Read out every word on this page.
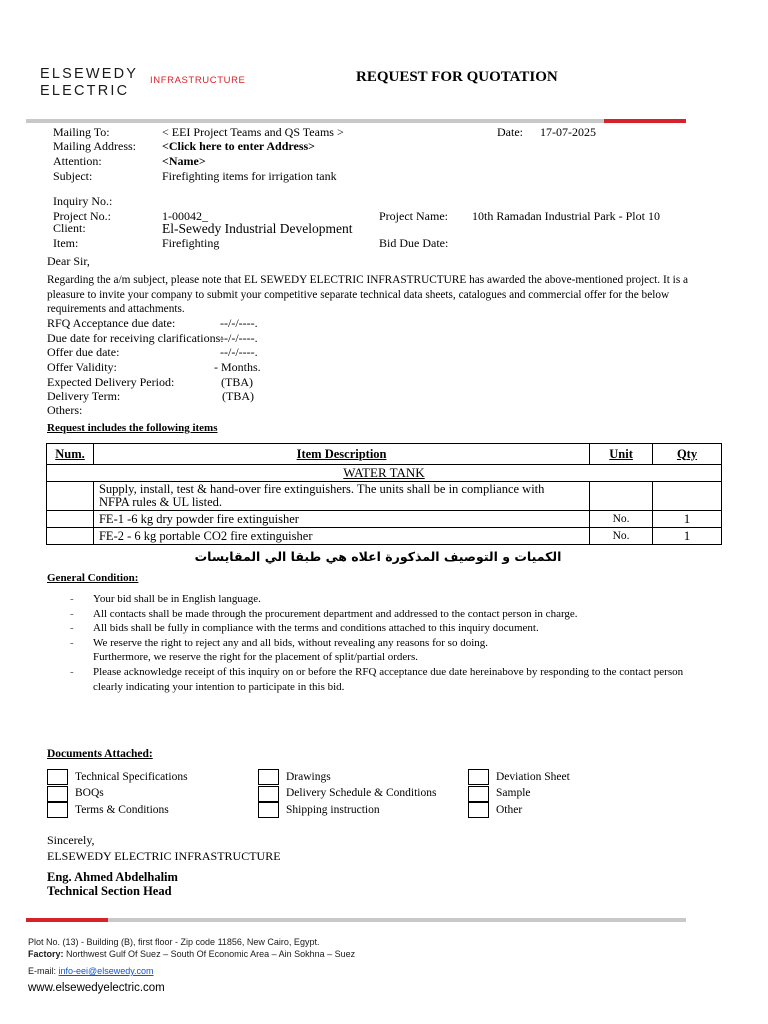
ELSEWEDY
ELECTRIC
INFRASTRUCTURE	REQUEST FOR QUOTATION
Mailing To:	< EEI Project Teams and QS Teams >	Date: 17-07-2025
Mailing Address: <Click here to enter Address>
Attention:	<Name>
Subject:	Firefighting items for irrigation tank
Inquiry No.:
Project No.:	1-00042_	Project Name: 10th Ramadan Industrial Park - Plot 10
Client:	El-Sewedy Industrial Development
Item:	Firefighting	Bid Due Date:
Dear Sir,
Regarding the a/m subject, please note that EL SEWEDY ELECTRIC INFRASTRUCTURE has awarded the above-mentioned project. It is a
pleasure to invite your company to submit your competitive separate technical data sheets, catalogues and commercial offer for the below
requirements and attachments.
RFQ Acceptance due date:	--/-/----.
Due date for receiving clarifications:
--/-/----.
Offer due date:	--/-/----.
Offer Validity:	- Months.
Expected Delivery Period:	(TBA)
Delivery Term:	(TBA)
Others:
Request includes the following items
Num.	Item Description	Unit	Qty
WATER TANK			

	Supply, install, test & hand-over fire extinguishers. The units shall be in compliance with
NFPA rules & UL listed.		

	FE-1 -6 kg dry powder fire extinguisher	No.	1
	FE-2 - 6 kg portable CO2 fire extinguisher	No.	1
الكميات و التوصيف المذكورة اعلاه هي طبقا الي المقايسات
General Condition:
- Your bid shall be in English language.
- All contacts shall be made through the procurement department and addressed to the contact person in charge.
- All bids shall be fully in compliance with the terms and conditions attached to this inquiry document.
- We reserve the right to reject any and all bids, without revealing any reasons for so doing.
Furthermore, we reserve the right for the placement of split/partial orders.
- Please acknowledge receipt of this inquiry on or before the RFQ acceptance due date hereinabove by responding to the contact person
clearly indicating your intention to participate in this bid.
Documents Attached:
Technical Specifications
BOQs
Terms & Conditions
Drawings
Delivery Schedule & Conditions
Shipping instruction
Deviation Sheet
Sample
Other
Sincerely,
ELSEWEDY ELECTRIC INFRASTRUCTURE
Eng. Ahmed Abdelhalim
Technical Section Head
Plot No. (13) - Building (B), first floor - Zip code 11856, New Cairo, Egypt.
Factory: Northwest Gulf Of Suez – South Of Economic Area – Ain Sokhna – Suez
E-mail: info-eei@elsewedy.com
www.elsewedyelectric.com
